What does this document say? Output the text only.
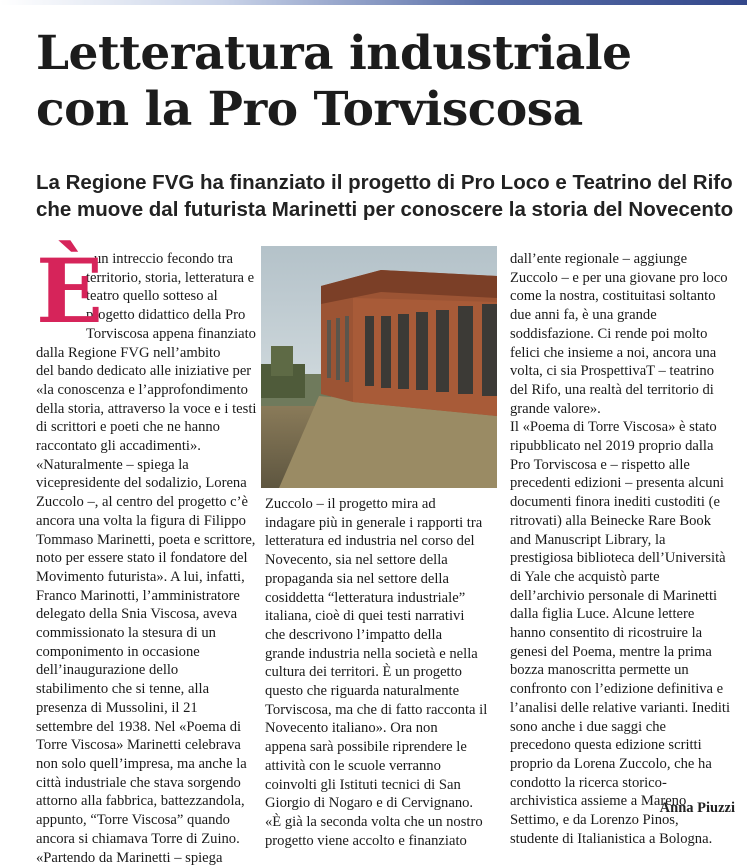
Letteratura industriale
con la Pro Torviscosa
La Regione FVG ha finanziato il progetto di Pro Loco e Teatrino del Rifo
che muove dal futurista Marinetti per conoscere la storia del Novecento
È

un intreccio fecondo tra

territorio, storia, letteratura e

teatro quello sotteso al

progetto didattico della Pro

Torviscosa appena finanziato

dalla Regione FVG nell’ambito

del bando dedicato alle iniziative per

«la conoscenza e l’approfondimento

della storia, attraverso la voce e i testi

di scrittori e poeti che ne hanno

raccontato gli accadimenti».

«Naturalmente – spiega la

vicepresidente del sodalizio, Lorena

Zuccolo –, al centro del progetto c’è

ancora una volta la figura di Filippo

Tommaso Marinetti, poeta e scrittore,

noto per essere stato il fondatore del

Movimento futurista». A lui, infatti,

Franco Marinotti, l’amministratore

delegato della Snia Viscosa, aveva

commissionato la stesura di un

componimento in occasione

dell’inaugurazione dello

stabilimento che si tenne, alla

presenza di Mussolini, il 21

settembre del 1938. Nel «Poema di

Torre Viscosa» Marinetti celebrava

non solo quell’impresa, ma anche la

città industriale che stava sorgendo

attorno alla fabbrica, battezzandola,

appunto, “Torre Viscosa” quando

ancora si chiamava Torre di Zuino.

«Partendo da Marinetti – spiega

Zuccolo – il progetto mira ad

indagare più in generale i rapporti tra

letteratura ed industria nel corso del

Novecento, sia nel settore della

propaganda sia nel settore della

cosiddetta “letteratura industriale”

italiana, cioè di quei testi narrativi

che descrivono l’impatto della

grande industria nella società e nella

cultura dei territori. È un progetto

questo che riguarda naturalmente

Torviscosa, ma che di fatto racconta il

Novecento italiano». Ora non

appena sarà possibile riprendere le

attività con le scuole verranno

coinvolti gli Istituti tecnici di San

Giorgio di Nogaro e di Cervignano.

«È già la seconda volta che un nostro

progetto viene accolto e finanziato

dall’ente regionale – aggiunge

Zuccolo – e per una giovane pro loco

come la nostra, costituitasi soltanto

due anni fa, è una grande

soddisfazione. Ci rende poi molto

felici che insieme a noi, ancora una

volta, ci sia ProspettivaT – teatrino

del Rifo, una realtà del territorio di

grande valore».

Il «Poema di Torre Viscosa» è stato

ripubblicato nel 2019 proprio dalla

Pro Torviscosa e – rispetto alle

precedenti edizioni – presenta alcuni

documenti finora inediti custoditi (e

ritrovati) alla Beinecke Rare Book

and Manuscript Library, la

prestigiosa biblioteca dell’Università

di Yale che acquistò parte

dell’archivio personale di Marinetti

dalla figlia Luce. Alcune lettere

hanno consentito di ricostruire la

genesi del Poema, mentre la prima

bozza manoscritta permette un

confronto con l’edizione definitiva e

l’analisi delle relative varianti. Inediti

sono anche i due saggi che

precedono questa edizione scritti

proprio da Lorena Zuccolo, che ha

condotto la ricerca storico-

archivistica assieme a Mareno

Settimo, e da Lorenzo Pinos,

studente di Italianistica a Bologna.

Anna Piuzzi
